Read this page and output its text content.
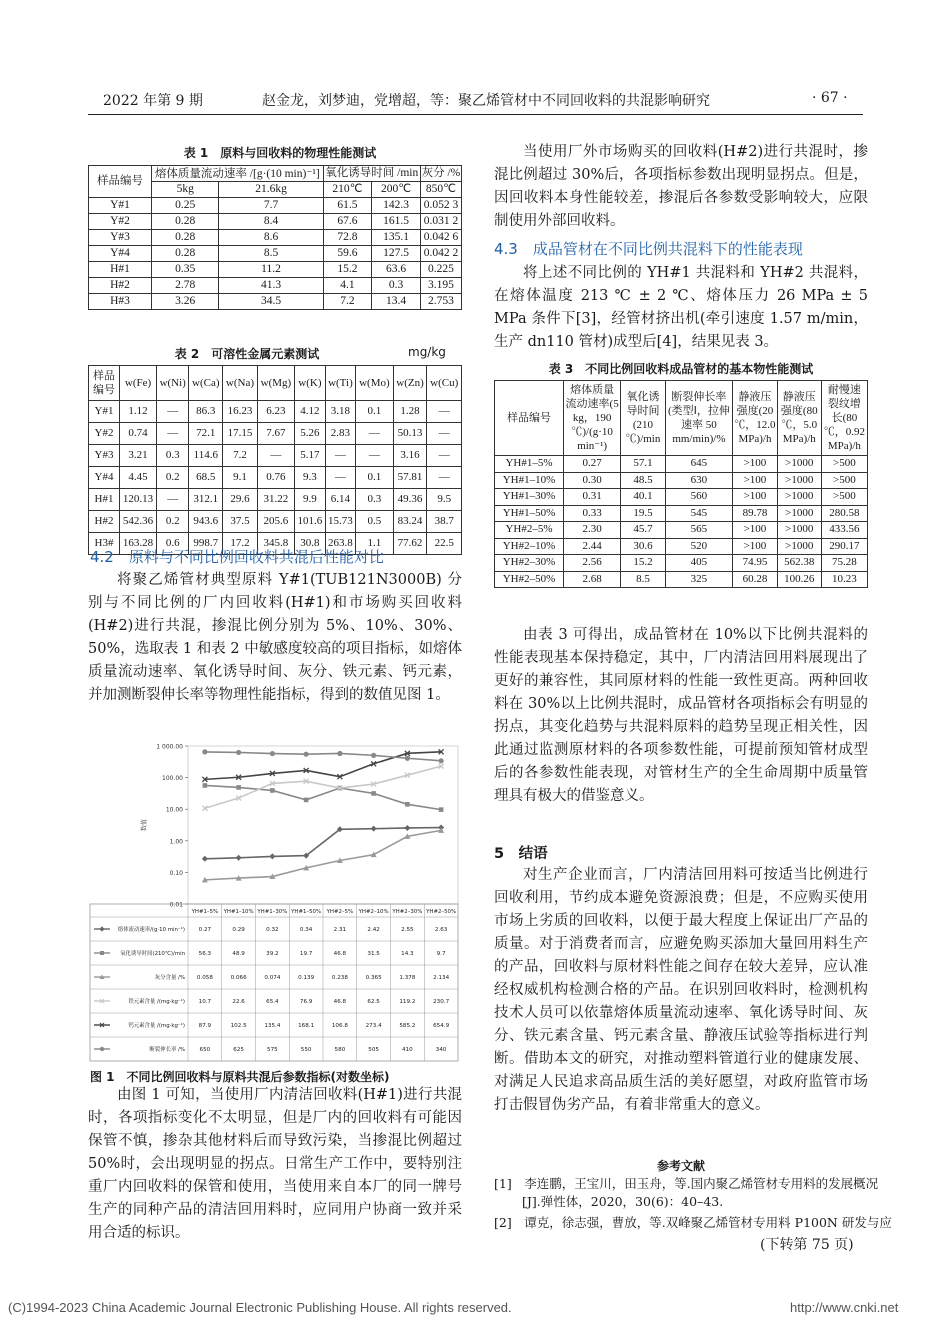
2022 年第 9 期	赵金龙，刘梦迪，党增超，等：聚乙烯管材中不同回收料的共混影响研究	· 67 ·
表 1　原料与回收料的物理性能测试
样品编号	熔体质量流动速率 /[g·(10 min)⁻¹]		氧化诱导时间 /min		灰分 /%
	5kg	21.6kg	210℃	200℃	850℃
Y#1	0.25	7.7	61.5	142.3	0.052 3
Y#2	0.28	8.4	67.6	161.5	0.031 2
Y#3	0.28	8.6	72.8	135.1	0.042 6
Y#4	0.28	8.5	59.6	127.5	0.042 2
H#1	0.35	11.2	15.2	63.6	0.225
H#2	2.78	41.3	4.1	0.3	3.195
H#3	3.26	34.5	7.2	13.4	2.753
表 2　可溶性金属元素测试	mg/kg
样品编号	w(Fe)	w(Ni)	w(Ca)	w(Na)	w(Mg)	w(K)	w(Ti)	w(Mo)	w(Zn)	w(Cu)
Y#1	1.12	—	86.3	16.23	6.23	4.12	3.18	0.1	1.28	—
Y#2	0.74	—	72.1	17.15	7.67	5.26	2.83	—	50.13	—
Y#3	3.21	0.3	114.6	7.2	—	5.17	—	—	3.16	—
Y#4	4.45	0.2	68.5	9.1	0.76	9.3	—	0.1	57.81	—
H#1	120.13	—	312.1	29.6	31.22	9.9	6.14	0.3	49.36	9.5
H#2	542.36	0.2	943.6	37.5	205.6	101.6	15.73	0.5	83.24	38.7
H3#	163.28	0.6	998.7	17.2	345.8	30.8	263.8	1.1	77.62	22.5
4.2　原料与不同比例回收料共混后性能对比
将聚乙烯管材典型原料 Y#1(TUB121N3000B) 分别与不同比例的厂内回收料(H#1)和市场购买回收料(H#2)进行共混，掺混比例分别为 5%、10%、30%、50%，选取表 1 和表 2 中敏感度较高的项目指标，如熔体质量流动速率、氧化诱导时间、灰分、铁元素、钙元素，并加测断裂伸长率等物理性能指标，得到的数值见图 1。
1 000.00
100.00
10.00
1.00
0.10
0.01
数值
YH#1–5% YH#1–10% YH#1–30% YH#1–50% YH#2–5% YH#2–10% YH#2–30% YH#2–50%
熔体流动速率/(g·10 min⁻¹) 0.27	0.29	0.32	0.34	2.31	2.42	2.55	2.63
氧化诱导时间(210℃)/min 56.3	48.9	39.2	19.7	46.8	31.5	14.3	9.7
灰分含量 /% 0.058	0.066	0.074	0.139	0.238	0.365	1.378	2.134
铁元素含量 /(mg·kg⁻¹) 10.7	22.6	65.4	76.9	46.8	62.5	119.2	230.7
钙元素含量 /(mg·kg⁻¹) 87.9	102.5	135.4	168.1	106.8	273.4	585.2	654.9
断裂伸长率 /%	650	625	575	550	580	505	410	340
图 1　不同比例回收料与原料共混后参数指标(对数坐标)
由图 1 可知，当使用厂内清洁回收料(H#1)进行共混时，各项指标变化不太明显，但是厂内的回收料有可能因保管不慎，掺杂其他材料后而导致污染，当掺混比例超过 50%时，会出现明显的拐点。日常生产工作中，要特别注重厂内回收料的保管和使用，当使用来自本厂的同一牌号生产的同种产品的清洁回用料时，应同用户协商一致并采用合适的标识。
当使用厂外市场购买的回收料(H#2)进行共混时，掺混比例超过 30%后，各项指标参数出现明显拐点。但是，因回收料本身性能较差，掺混后各参数受影响较大，应限制使用外部回收料。
4.3　成品管材在不同比例共混料下的性能表现
将上述不同比例的 YH#1 共混料和 YH#2 共混料，在熔体温度 213 ℃ ± 2 ℃、熔体压力 26 MPa ± 5 MPa 条件下[3]，经管材挤出机(牵引速度 1.57 m/min，生产 dn110 管材)成型后[4]，结果见表 3。
表 3　不同比例回收料成品管材的基本物性能测试
样品编号	熔体质量流动速率(5 kg，190 ℃)/(g·10 min⁻¹)	氧化诱导时间(210 ℃)/min	断裂伸长率(类型Ⅰ，拉伸速率 50 mm/min)/%	静液压强度(20 ℃，12.0 MPa)/h	静液压强度(80 ℃，5.0 MPa)/h	耐慢速裂纹增长(80 ℃，0.92 MPa)/h
YH#1–5%	0.27	57.1	645	>100	>1000	>500
YH#1–10%	0.30	48.5	630	>100	>1000	>500
YH#1–30%	0.31	40.1	560	>100	>1000	>500
YH#1–50%	0.33	19.5	545	89.78	>1000	280.58
YH#2–5%	2.30	45.7	565	>100	>1000	433.56
YH#2–10%	2.44	30.6	520	>100	>1000	290.17
YH#2–30%	2.56	15.2	405	74.95	562.38	75.28
YH#2–50%	2.68	8.5	325	60.28	100.26	10.23
由表 3 可得出，成品管材在 10%以下比例共混料的性能表现基本保持稳定，其中，厂内清洁回用料展现出了更好的兼容性，其同原材料的性能一致性更高。两种回收料在 30%以上比例共混时，成品管材各项指标会有明显的拐点，其变化趋势与共混料原料的趋势呈现正相关性，因此通过监测原材料的各项参数性能，可提前预知管材成型后的各参数性能表现，对管材生产的全生命周期中质量管理具有极大的借鉴意义。
5　结语
对生产企业而言，厂内清洁回用料可按适当比例进行回收利用，节约成本避免资源浪费；但是，不应购买使用市场上劣质的回收料，以便于最大程度上保证出厂产品的质量。对于消费者而言，应避免购买添加大量回用料生产的产品，回收料与原材料性能之间存在较大差异，应认准经权威机构检测合格的产品。在识别回收料时，检测机构技术人员可以依靠熔体质量流动速率、氧化诱导时间、灰分、铁元素含量、钙元素含量、静液压试验等指标进行判断。借助本文的研究，对推动塑料管道行业的健康发展、对满足人民追求高品质生活的美好愿望，对政府监管市场打击假冒伪劣产品，有着非常重大的意义。
参考文献
[1]　李连鹏，王宝川，田玉舟，等.国内聚乙烯管材专用料的发展概况
[J].弹性体，2020，30(6)：40–43.
[2]　谭克，徐志强，曹放，等.双峰聚乙烯管材专用料 P100N 研发与应
(下转第 75 页)
(C)1994-2023 China Academic Journal Electronic Publishing House. All rights reserved.	http://www.cnki.net
